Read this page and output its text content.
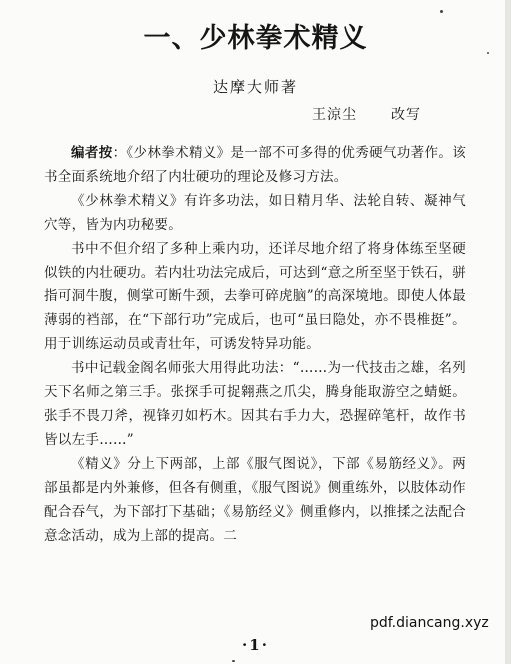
一、少林拳术精义
达摩大师著
王涼尘 改写

编者按：《少林拳术精义》是一部不可多得的优秀硬气功著作。该书全面系统地介绍了内壮硬功的理论及修习方法。

《少林拳术精义》有许多功法，如日精月华、法轮自转、凝神气穴等，皆为内功秘要。

书中不但介绍了多种上乘内功，还详尽地介绍了将身体练至坚硬似铁的内壮硬功。若内壮功法完成后，可达到“意之所至坚于铁石，骈指可洞牛腹，侧掌可断牛颈，去拳可碎虎脑”的高深境地。即使人体最薄弱的裆部，在“下部行功”完成后，也可“虽曰隐处，亦不畏椎挺”。用于训练运动员或青壮年，可诱发特异功能。

书中记载金阁名师张大用得此功法：“……为一代技击之雄，名列天下名师之第三手。张探手可捉翱燕之爪尖，腾身能取游空之蜻蜓。张手不畏刀斧，视锋刃如朽木。因其右手力大，恐握碎笔杆，故作书皆以左手……”

《精义》分上下两部，上部《服气图说》，下部《易筋经义》。两部虽都是内外兼修，但各有侧重，《服气图说》侧重练外，以肢体动作配合吞气，为下部打下基础；《易筋经义》侧重修内，以推揉之法配合意念活动，成为上部的提高。二

pdf.diancang.xyz
·1·
